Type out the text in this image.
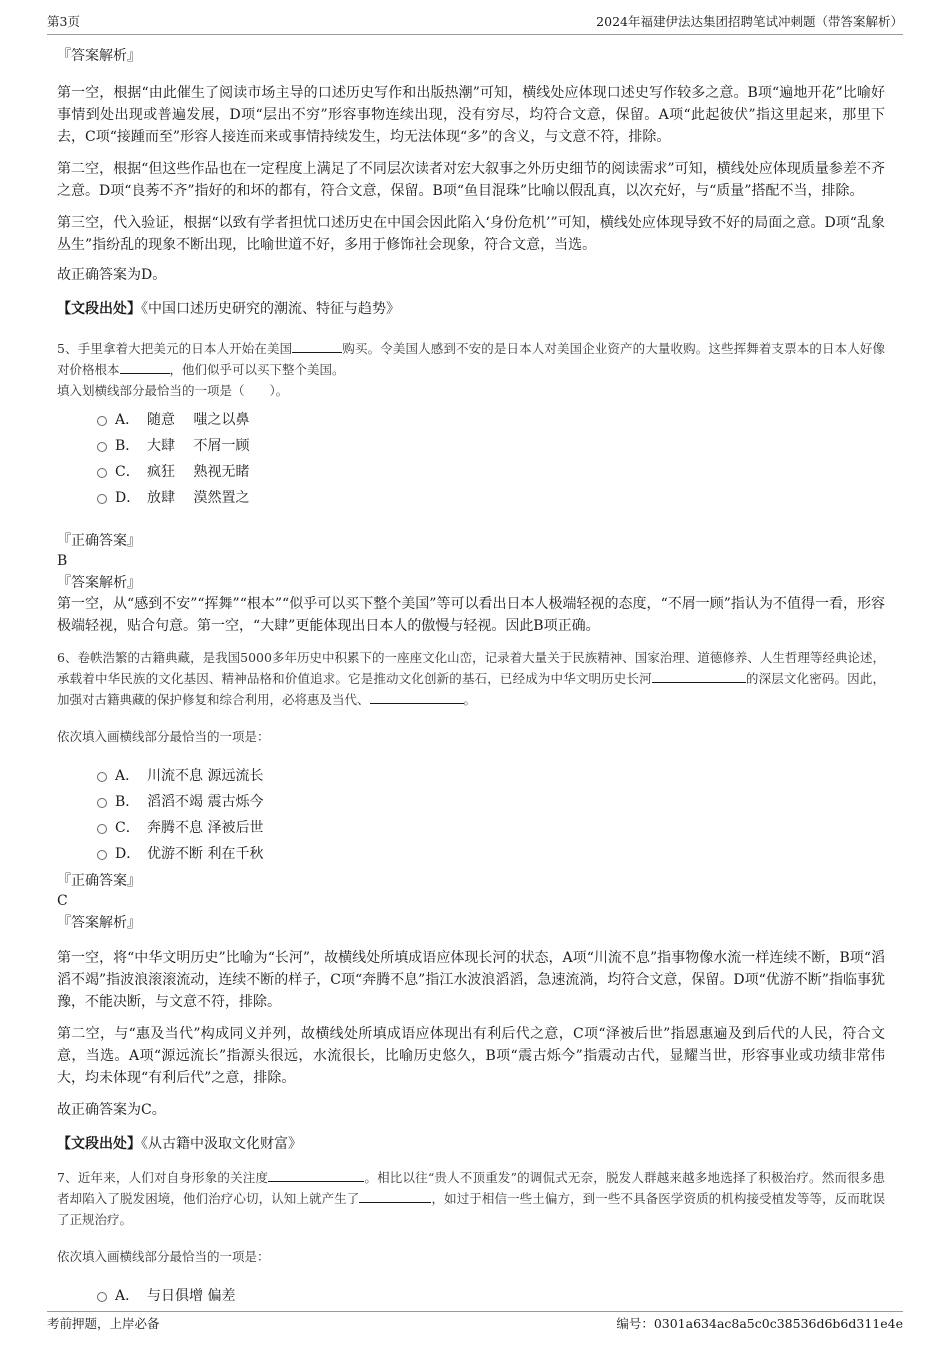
第3页	2024年福建伊法达集团招聘笔试冲刺题（带答案解析）
『答案解析』

第一空，根据“由此催生了阅读市场主导的口述历史写作和出版热潮”可知，横线处应体现口述史写作较多之意。B项“遍地开花”比喻好事情到处出现或普遍发展，D项“层出不穷”形容事物连续出现，没有穷尽，均符合文意，保留。A项“此起彼伏”指这里起来，那里下去，C项“接踵而至”形容人接连而来或事情持续发生，均无法体现“多”的含义，与文意不符，排除。

第二空，根据“但这些作品也在一定程度上满足了不同层次读者对宏大叙事之外历史细节的阅读需求”可知，横线处应体现质量参差不齐之意。D项“良莠不齐”指好的和坏的都有，符合文意，保留。B项“鱼目混珠”比喻以假乱真，以次充好，与“质量”搭配不当，排除。

第三空，代入验证，根据“以致有学者担忧口述历史在中国会因此陷入‘身份危机’”可知，横线处应体现导致不好的局面之意。D项“乱象丛生”指纷乱的现象不断出现，比喻世道不好，多用于修饰社会现象，符合文意，当选。

故正确答案为D。

【文段出处】《中国口述历史研究的潮流、特征与趋势》

5、手里拿着大把美元的日本人开始在美国	购买。令美国人感到不安的是日本人对美国企业资产的大量收购。这些挥舞着支票本的日本人好像对价格根本	，他们似乎可以买下整个美国。

填入划横线部分最恰当的一项是（　　）。

A． 随意　 嗤之以鼻
B． 大肆　 不屑一顾
C． 疯狂　 熟视无睹
D． 放肆　 漠然置之
『正确答案』
B
『答案解析』

第一空，从“感到不安”“挥舞”“根本”“似乎可以买下整个美国”等可以看出日本人极端轻视的态度，“不屑一顾”指认为不值得一看，形容极端轻视，贴合句意。第一空，“大肆”更能体现出日本人的傲慢与轻视。因此B项正确。

6、卷帙浩繁的古籍典藏，是我国5000多年历史中积累下的一座座文化山峦，记录着大量关于民族精神、国家治理、道德修养、人生哲理等经典论述，承载着中华民族的文化基因、精神品格和价值追求。它是推动文化创新的基石，已经成为中华文明历史长河	的深层文化密码。因此，加强对古籍典藏的保护修复和综合利用，必将惠及当代、	。

依次填入画横线部分最恰当的一项是：

A． 川流不息 源远流长
B． 滔滔不竭 震古烁今
C． 奔腾不息 泽被后世
D． 优游不断 利在千秋
『正确答案』
C
『答案解析』

第一空，将“中华文明历史”比喻为“长河”，故横线处所填成语应体现长河的状态，A项“川流不息”指事物像水流一样连续不断，B项“滔滔不竭”指波浪滚滚流动，连续不断的样子，C项“奔腾不息”指江水波浪滔滔，急速流淌，均符合文意，保留。D项“优游不断”指临事犹豫，不能决断，与文意不符，排除。

第二空，与“惠及当代”构成同义并列，故横线处所填成语应体现出有利后代之意，C项“泽被后世”指恩惠遍及到后代的人民，符合文意，当选。A项“源远流长”指源头很远，水流很长，比喻历史悠久，B项“震古烁今”指震动古代，显耀当世，形容事业或功绩非常伟大，均未体现“有利后代”之意，排除。

故正确答案为C。

【文段出处】《从古籍中汲取文化财富》

7、近年来，人们对自身形象的关注度	。相比以往“贵人不顶重发”的调侃式无奈，脱发人群越来越多地选择了积极治疗。然而很多患者却陷入了脱发困境，他们治疗心切，认知上就产生了	，如过于相信一些土偏方，到一些不具备医学资质的机构接受植发等等，反而耽误了正规治疗。

依次填入画横线部分最恰当的一项是：

A． 与日俱增 偏差
考前押题，上岸必备	编号：0301a634ac8a5c0c38536d6b6d311e4e
